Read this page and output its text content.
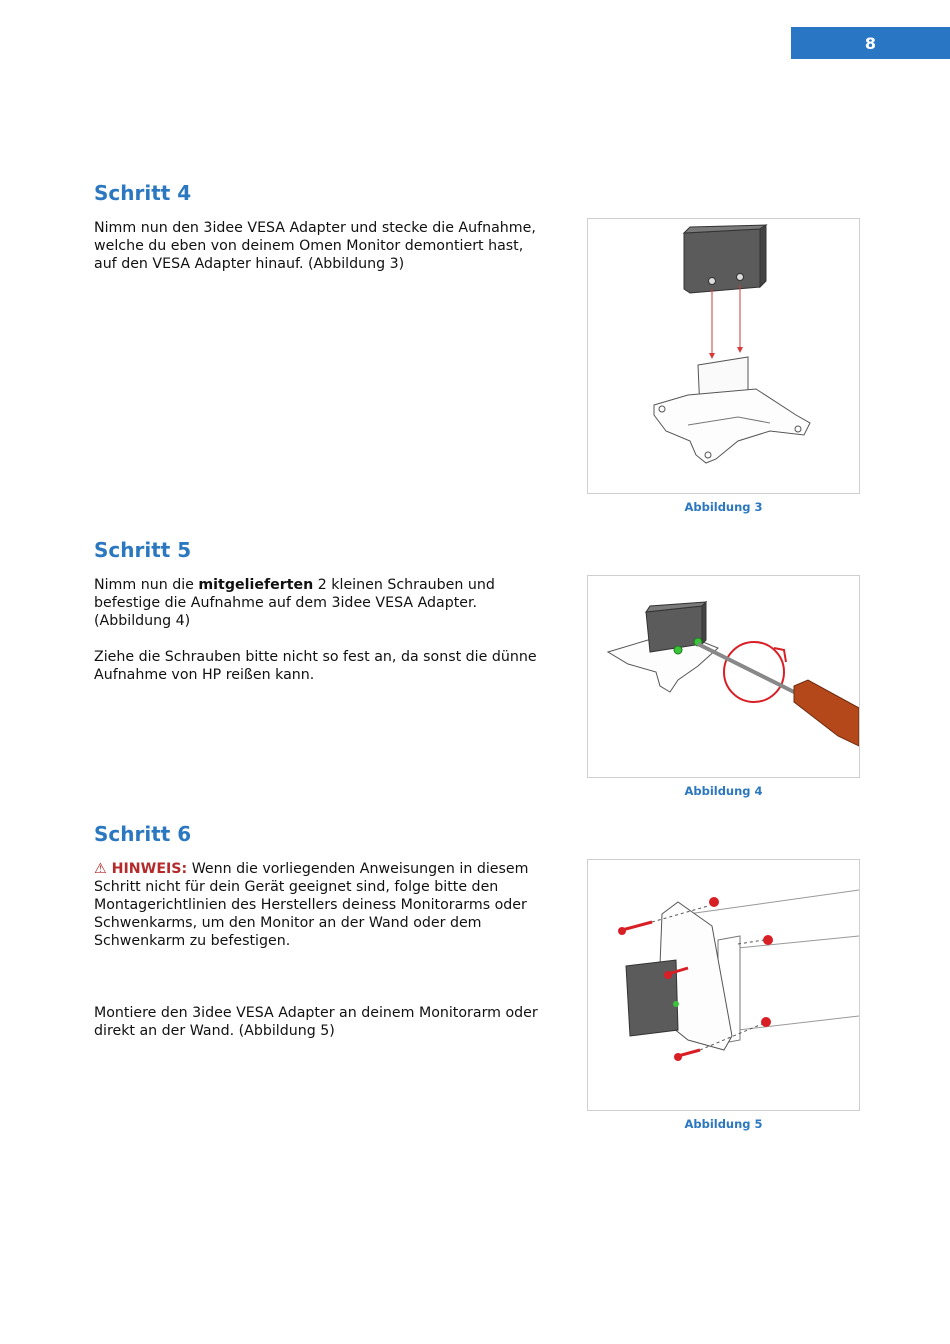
8
Schritt 4

Nimm nun den 3idee VESA Adapter und stecke die Aufnahme, welche du eben von deinem Omen Monitor demontiert hast, auf den VESA Adapter hinauf. (Abbildung 3)

Abbildung 3
Schritt 5

Nimm nun die mitgelieferten 2 kleinen Schrauben und befestige die Aufnahme auf dem 3idee VESA Adapter. (Abbildung 4)

Ziehe die Schrauben bitte nicht so fest an, da sonst die dünne Aufnahme von HP reißen kann.

Abbildung 4
Schritt 6

⚠ HINWEIS: Wenn die vorliegenden Anweisungen in diesem Schritt nicht für dein Gerät geeignet sind, folge bitte den Montagerichtlinien des Herstellers deiness Monitorarms oder Schwenkarms, um den Monitor an der Wand oder dem Schwenkarm zu befestigen.

Montiere den 3idee VESA Adapter an deinem Monitorarm oder direkt an der Wand. (Abbildung 5)

Abbildung 5
